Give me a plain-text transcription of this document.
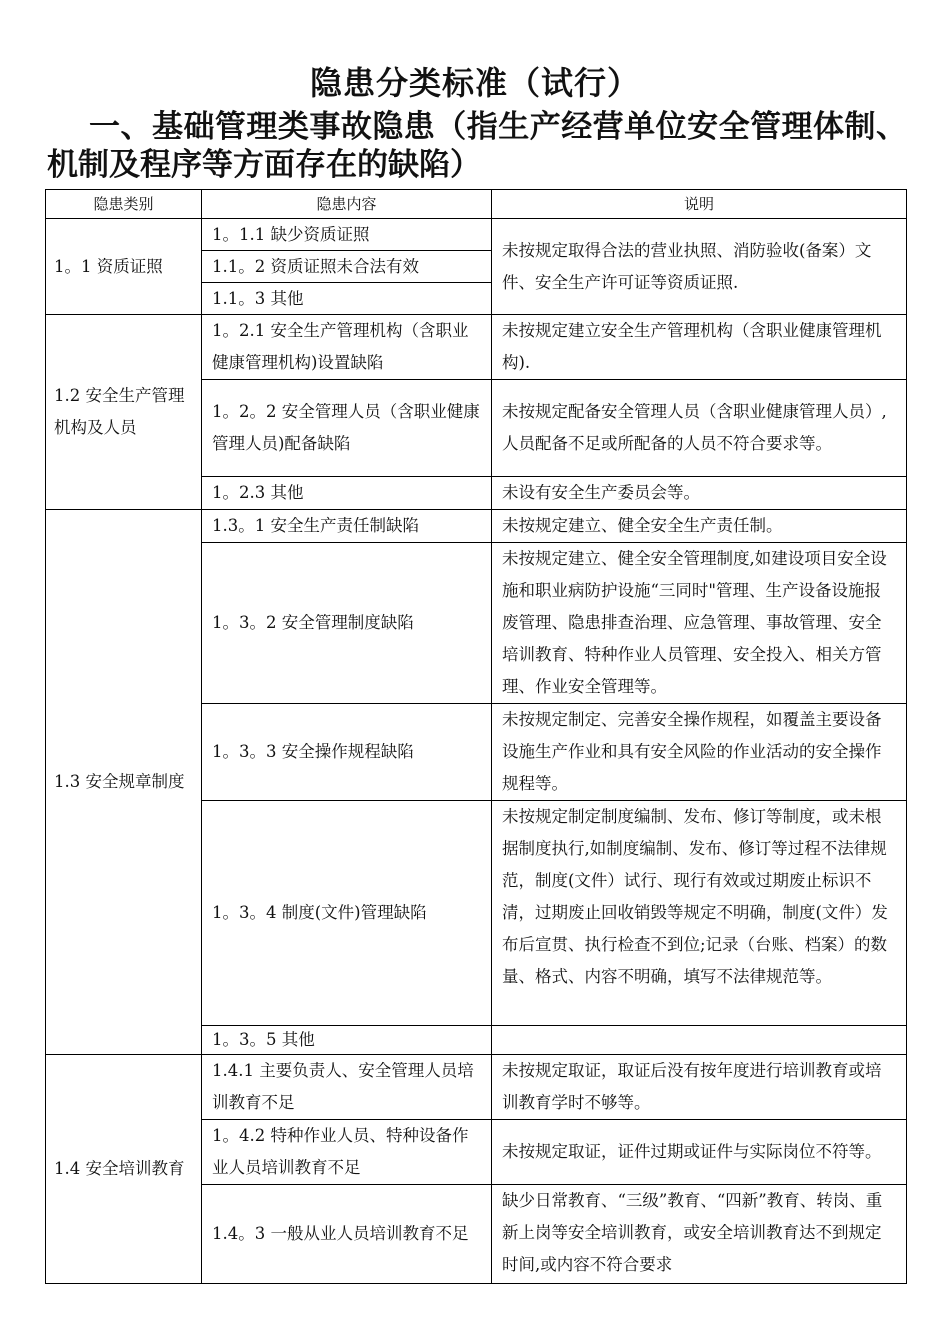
隐患分类标准（试行）

一、基础管理类事故隐患（指生产经营单位安全管理体制、机制及程序等方面存在的缺陷）

隐患类别	隐患内容	说明
1。1 资质证照	1。1.1 缺少资质证照	未按规定取得合法的营业执照、消防验收(备案）文件、安全生产许可证等资质证照.
	1.1。2 资质证照未合法有效	
	1.1。3 其他	
1.2 安全生产管理机构及人员	1。2.1 安全生产管理机构（含职业健康管理机构)设置缺陷	未按规定建立安全生产管理机构（含职业健康管理机构).
	1。2。2 安全管理人员（含职业健康管理人员)配备缺陷	未按规定配备安全管理人员（含职业健康管理人员）,人员配备不足或所配备的人员不符合要求等。
	1。2.3 其他	未设有安全生产委员会等。
1.3 安全规章制度	1.3。1 安全生产责任制缺陷	未按规定建立、健全安全生产责任制。
	1。3。2 安全管理制度缺陷	未按规定建立、健全安全管理制度,如建设项目安全设施和职业病防护设施“三同时"管理、生产设备设施报废管理、隐患排查治理、应急管理、事故管理、安全培训教育、特种作业人员管理、安全投入、相关方管理、作业安全管理等。
	1。3。3 安全操作规程缺陷	未按规定制定、完善安全操作规程，如覆盖主要设备设施生产作业和具有安全风险的作业活动的安全操作规程等。
	1。3。4 制度(文件)管理缺陷	未按规定制定制度编制、发布、修订等制度，或未根据制度执行,如制度编制、发布、修订等过程不法律规范，制度(文件）试行、现行有效或过期废止标识不清，过期废止回收销毁等规定不明确，制度(文件）发布后宣贯、执行检查不到位;记录（台账、档案）的数量、格式、内容不明确，填写不法律规范等。
	1。3。5 其他	
1.4 安全培训教育	1.4.1 主要负责人、安全管理人员培训教育不足	未按规定取证，取证后没有按年度进行培训教育或培训教育学时不够等。
	1。4.2 特种作业人员、特种设备作业人员培训教育不足	未按规定取证，证件过期或证件与实际岗位不符等。
	1.4。3 一般从业人员培训教育不足	缺少日常教育、“三级”教育、“四新”教育、转岗、重新上岗等安全培训教育，或安全培训教育达不到规定时间,或内容不符合要求
